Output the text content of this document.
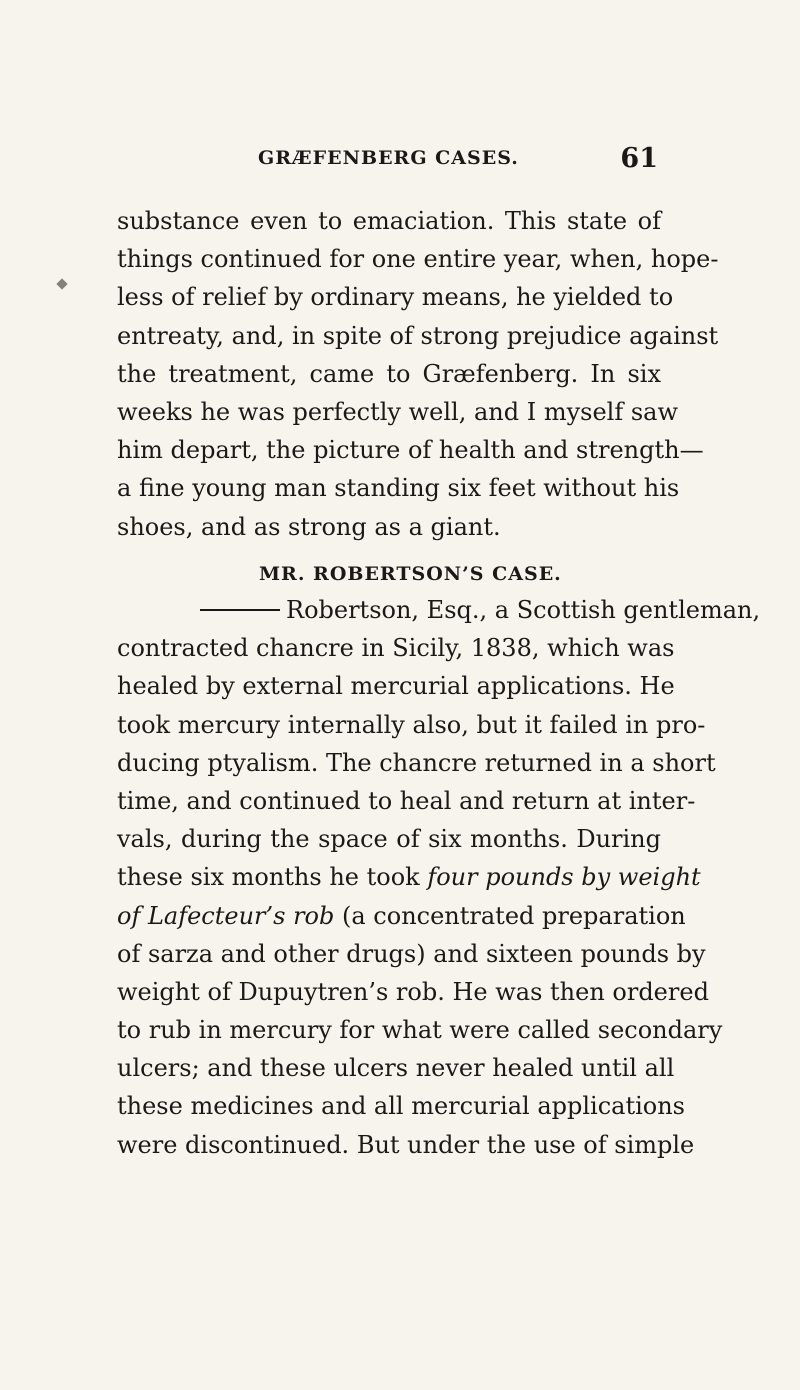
GRÆFENBERG CASES.	61
substance even to emaciation. This state of
things continued for one entire year, when, hope-
less of relief by ordinary means, he yielded to
entreaty, and, in spite of strong prejudice against
the treatment, came to Græfenberg. In six
weeks he was perfectly well, and I myself saw
him depart, the picture of health and strength—
a fine young man standing six feet without his
shoes, and as strong as a giant.
MR. ROBERTSON’S CASE.
Robertson, Esq., a Scottish gentleman,
contracted chancre in Sicily, 1838, which was
healed by external mercurial applications. He
took mercury internally also, but it failed in pro-
ducing ptyalism. The chancre returned in a short
time, and continued to heal and return at inter-
vals, during the space of six months. During
these six months he took four pounds by weight
of Lafecteur’s rob (a concentrated preparation
of sarza and other drugs) and sixteen pounds by
weight of Dupuytren’s rob. He was then ordered
to rub in mercury for what were called secondary
ulcers; and these ulcers never healed until all
these medicines and all mercurial applications
were discontinued. But under the use of simple
